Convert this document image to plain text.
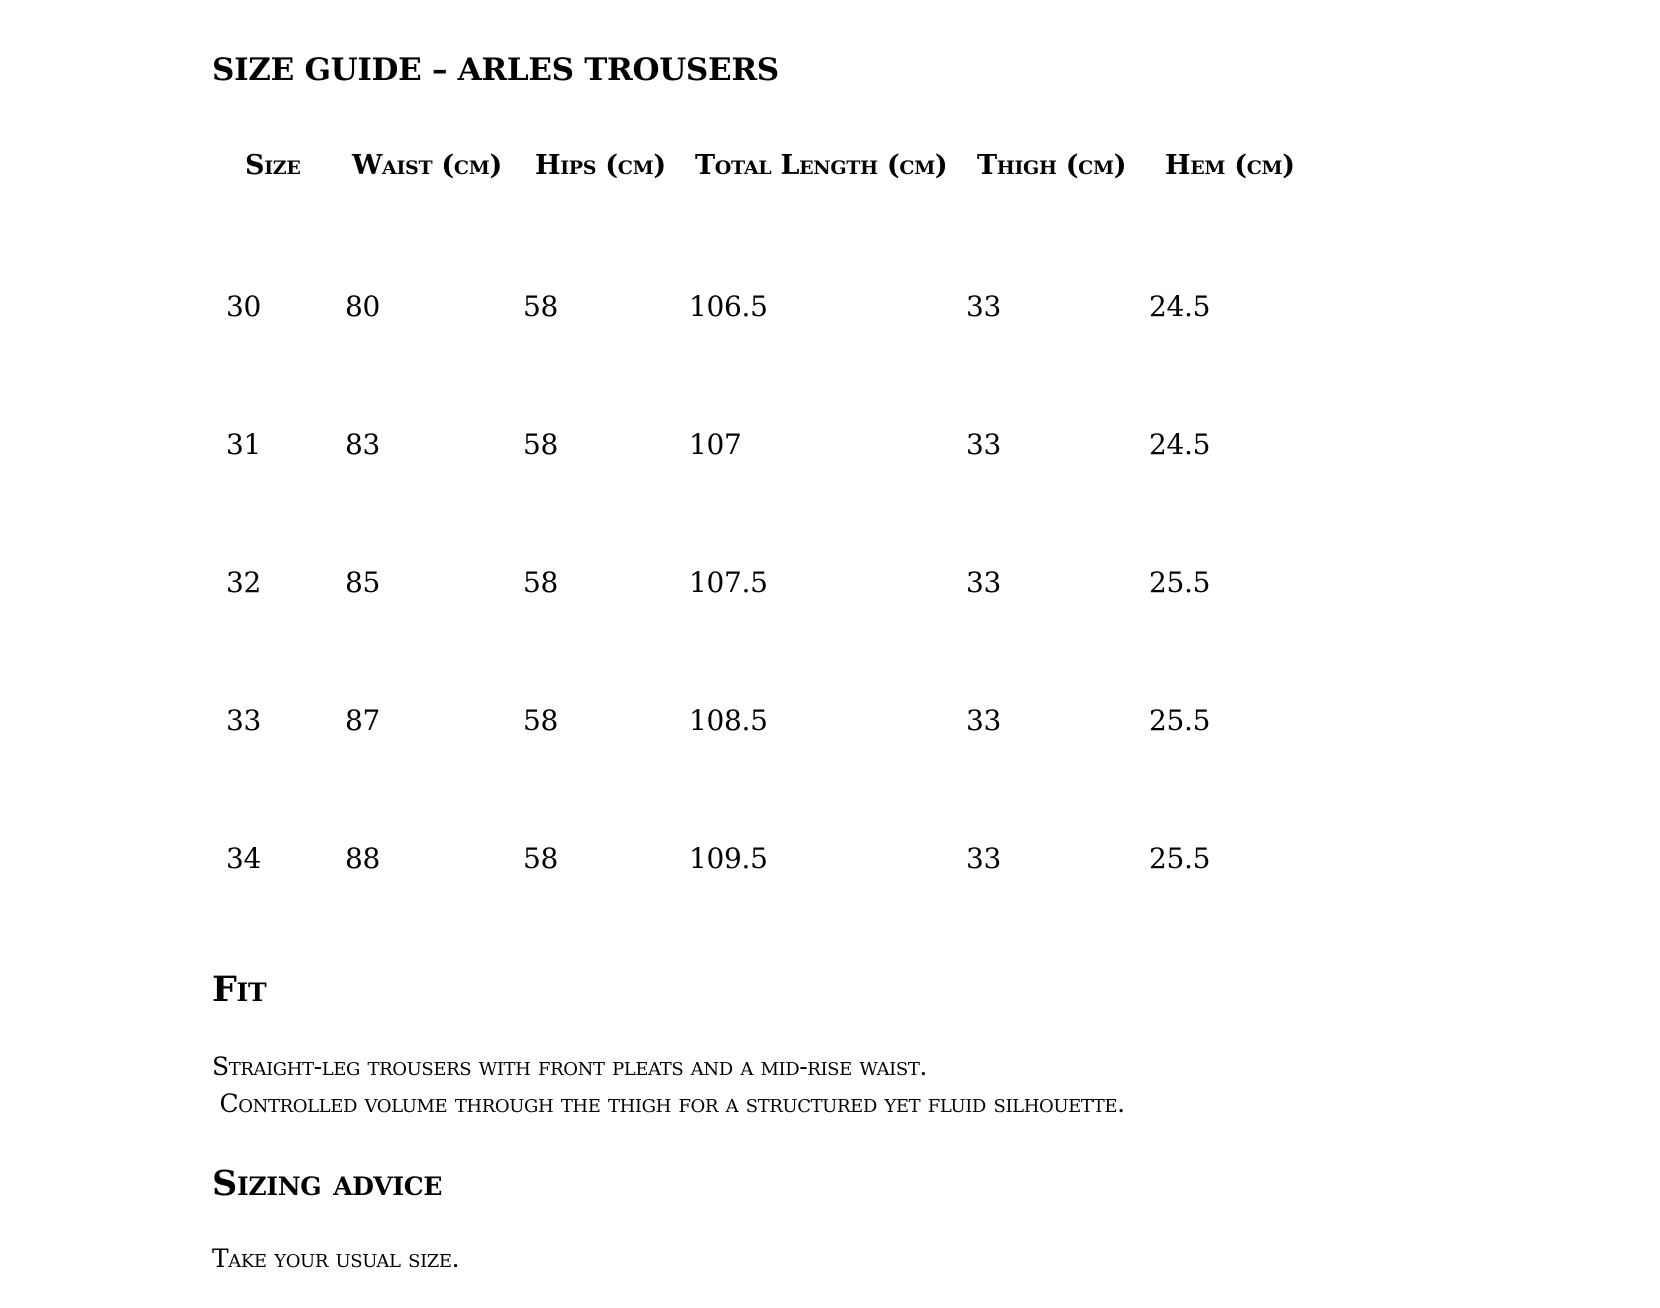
SIZE GUIDE – ARLES TROUSERS
Size Waist (cm) Hips (cm) Total Length (cm) Thigh (cm) Hem (cm)
30	80	58	106.5	33	24.5
31	83	58	107	33	24.5
32	85	58	107.5	33	25.5
33	87	58	108.5	33	25.5
34	88	58	109.5	33	25.5
Fit

Straight-leg trousers with front pleats and a mid-rise waist.
Controlled volume through the thigh for a structured yet fluid silhouette.

Sizing advice

Take your usual size.
